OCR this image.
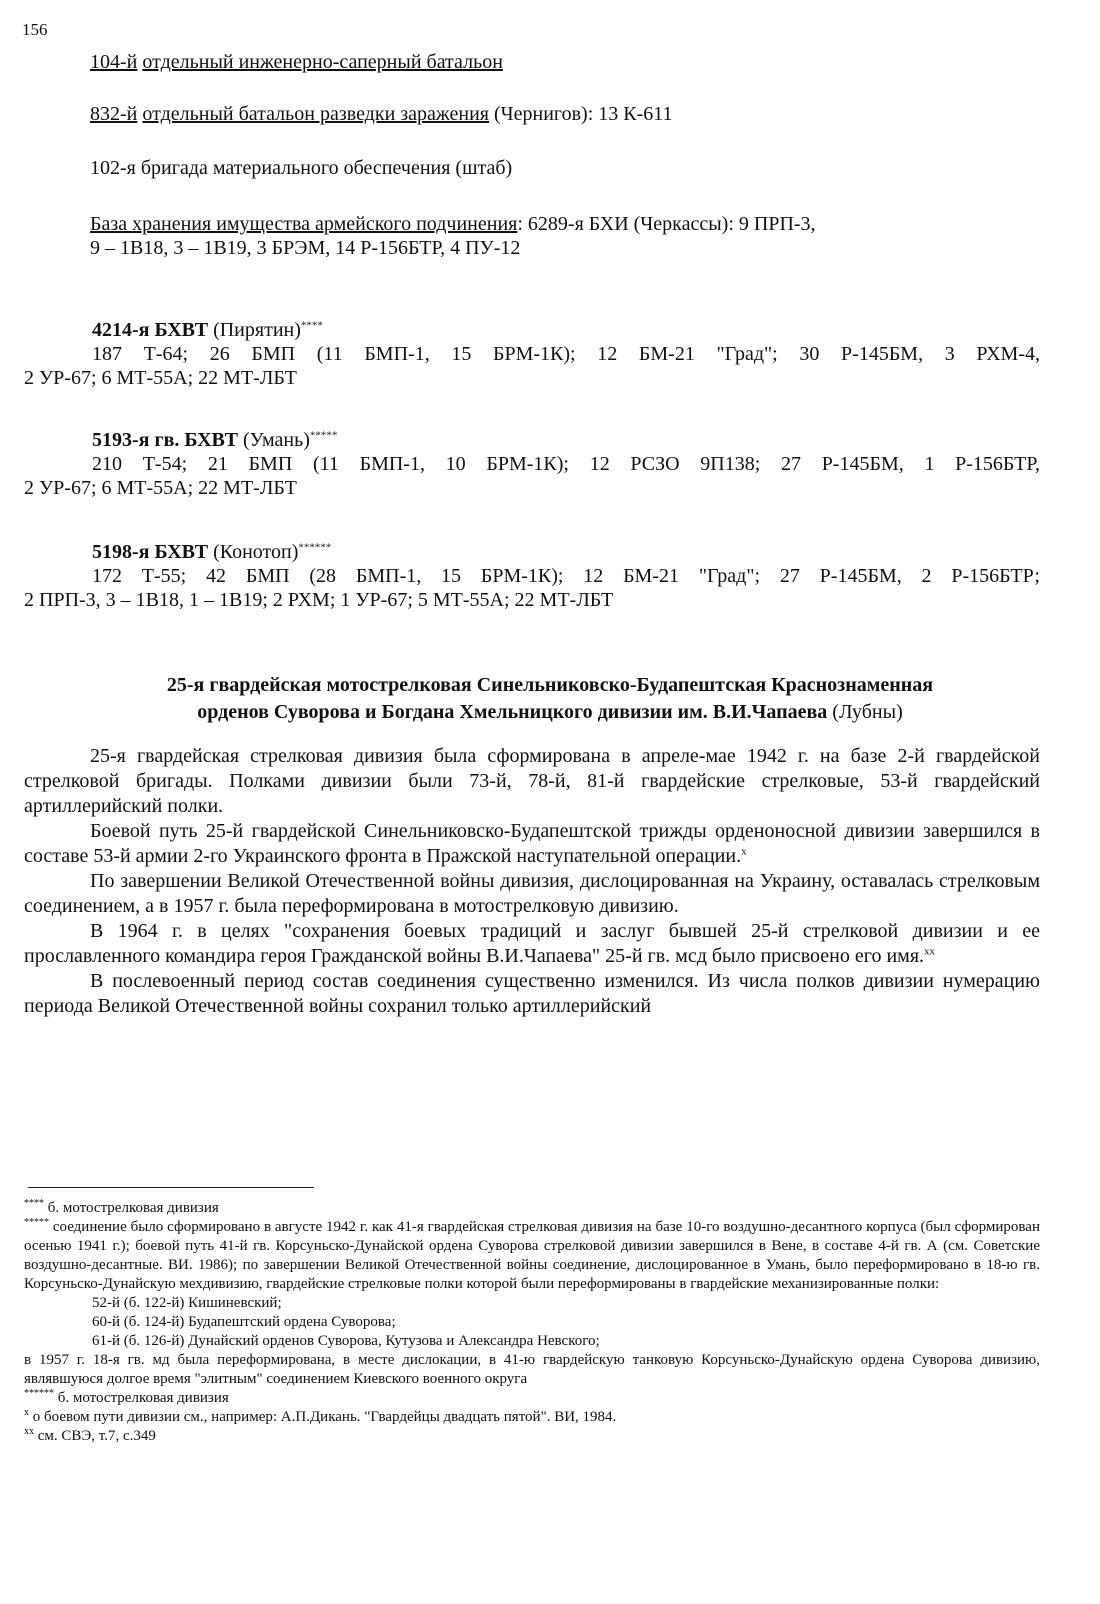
156
104-й отдельный инженерно-саперный батальон
832-й отдельный батальон разведки заражения (Чернигов): 13 К-611
102-я бригада материального обеспечения (штаб)
База хранения имущества армейского подчинения: 6289-я БХИ (Черкассы): 9 ПРП-3,
9 – 1В18, 3 – 1В19, 3 БРЭМ, 14 Р-156БТР, 4 ПУ-12
4214-я БХВТ (Пирятин)****
187 Т-64; 26 БМП (11 БМП-1, 15 БРМ-1К); 12 БМ-21 "Град"; 30 Р-145БМ, 3 РХМ-4,
2 УР-67; 6 МТ-55А; 22 МТ-ЛБТ
5193-я гв. БХВТ (Умань)*****
210 Т-54; 21 БМП (11 БМП-1, 10 БРМ-1К); 12 РСЗО 9П138; 27 Р-145БМ, 1 Р-156БТР,
2 УР-67; 6 МТ-55А; 22 МТ-ЛБТ
5198-я БХВТ (Конотоп)******
172 Т-55; 42 БМП (28 БМП-1, 15 БРМ-1К); 12 БМ-21 "Град"; 27 Р-145БМ, 2 Р-156БТР;
2 ПРП-3, 3 – 1В18, 1 – 1В19; 2 РХМ; 1 УР-67; 5 МТ-55А; 22 МТ-ЛБТ
25-я гвардейская мотострелковая Синельниковско-Будапештская Краснознаменная
орденов Суворова и Богдана Хмельницкого дивизии им. В.И.Чапаева (Лубны)

25-я гвардейская стрелковая дивизия была сформирована в апреле-мае 1942 г. на базе 2-й гвардейской стрелковой бригады. Полками дивизии были 73-й, 78-й, 81-й гвардейские стрелковые, 53-й гвардейский артиллерийский полки.

Боевой путь 25-й гвардейской Синельниковско-Будапештской трижды орденоносной дивизии завершился в составе 53-й армии 2-го Украинского фронта в Пражской наступательной операции.$^x$

По завершении Великой Отечественной войны дивизия, дислоцированная на Украину, оставалась стрелковым соединением, а в 1957 г. была переформирована в мотострелковую дивизию.

В 1964 г. в целях "сохранения боевых традиций и заслуг бывшей 25-й стрелковой дивизии и ее прославленного командира героя Гражданской войны В.И.Чапаева" 25-й гв. мсд было присвоено его имя.$^{xx}$

В послевоенный период состав соединения существенно изменился. Из числа полков дивизии нумерацию периода Великой Отечественной войны сохранил только артиллерийский

**** б. мотострелковая дивизия

***** соединение было сформировано в августе 1942 г. как 41-я гвардейская стрелковая дивизия на базе 10-го воздушно-десантного корпуса (был сформирован осенью 1941 г.); боевой путь 41-й гв. Корсуньско-Дунайской ордена Суворова стрелковой дивизии завершился в Вене, в составе 4-й гв. А (см. Советские воздушно-десантные. ВИ. 1986); по завершении Великой Отечественной войны соединение, дислоцированное в Умань, было переформировано в 18-ю гв. Корсуньско-Дунайскую мехдивизию, гвардейские стрелковые полки которой были переформированы в гвардейские механизированные полки:

52-й (б. 122-й) Кишиневский;

60-й (б. 124-й) Будапештский ордена Суворова;

61-й (б. 126-й) Дунайский орденов Суворова, Кутузова и Александра Невского;

в 1957 г. 18-я гв. мд была переформирована, в месте дислокации, в 41-ю гвардейскую танковую Корсуньско-Дунайскую ордена Суворова дивизию, являвшуюся долгое время "элитным" соединением Киевского военного округа

****** б. мотострелковая дивизия

$^x$ о боевом пути дивизии см., например: А.П.Дикань. "Гвардейцы двадцать пятой". ВИ, 1984.

$^{xx}$ см. СВЭ, т.7, с.349
